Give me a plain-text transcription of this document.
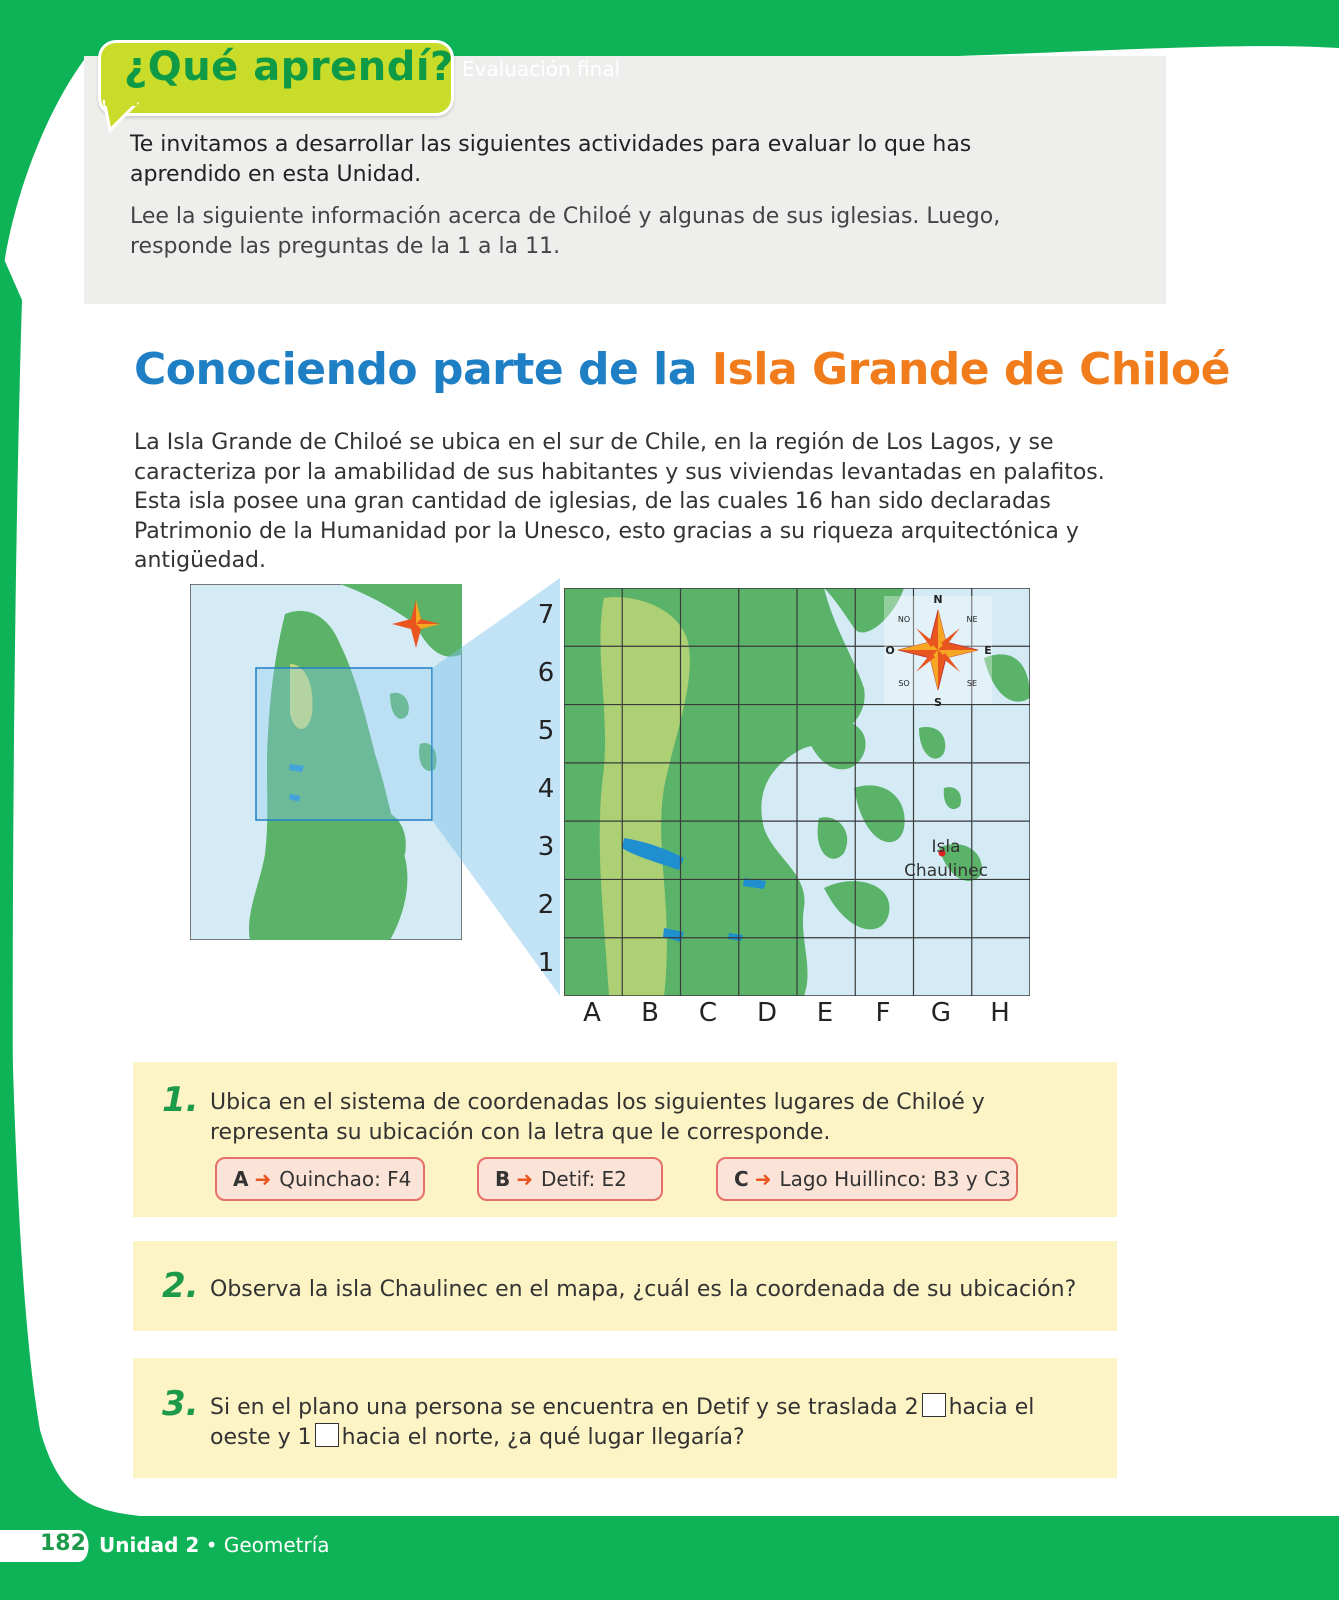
¿Qué aprendí? Evaluación final
Te invitamos a desarrollar las siguientes actividades para evaluar lo que has aprendido en esta Unidad.
Lee la siguiente información acerca de Chiloé y algunas de sus iglesias. Luego, responde las preguntas de la 1 a la 11.
Conociendo parte de la Isla Grande de Chiloé
La Isla Grande de Chiloé se ubica en el sur de Chile, en la región de Los Lagos, y se caracteriza por la amabilidad de sus habitantes y sus viviendas levantadas en palafitos. Esta isla posee una gran cantidad de iglesias, de las cuales 16 han sido declaradas Patrimonio de la Humanidad por la Unesco, esto gracias a su riqueza arquitectónica y antigüedad.
N
S
E
O
NE
NO
SE
SO
Isla
Chaulinec
7
6
5
4
3
2
1
A B C D E F G H
1. Ubica en el sistema de coordenadas los siguientes lugares de Chiloé y representa su ubicación con la letra que le corresponde.
A ➜ Quinchao: F4	B ➜ Detif: E2	C ➜ Lago Huillinco: B3 y C3
2. Observa la isla Chaulinec en el mapa, ¿cuál es la coordenada de su ubicación?
3. Si en el plano una persona se encuentra en Detif y se traslada 2 hacia el
oeste y 1 hacia el norte, ¿a qué lugar llegaría?
182 Unidad 2 • Geometría
